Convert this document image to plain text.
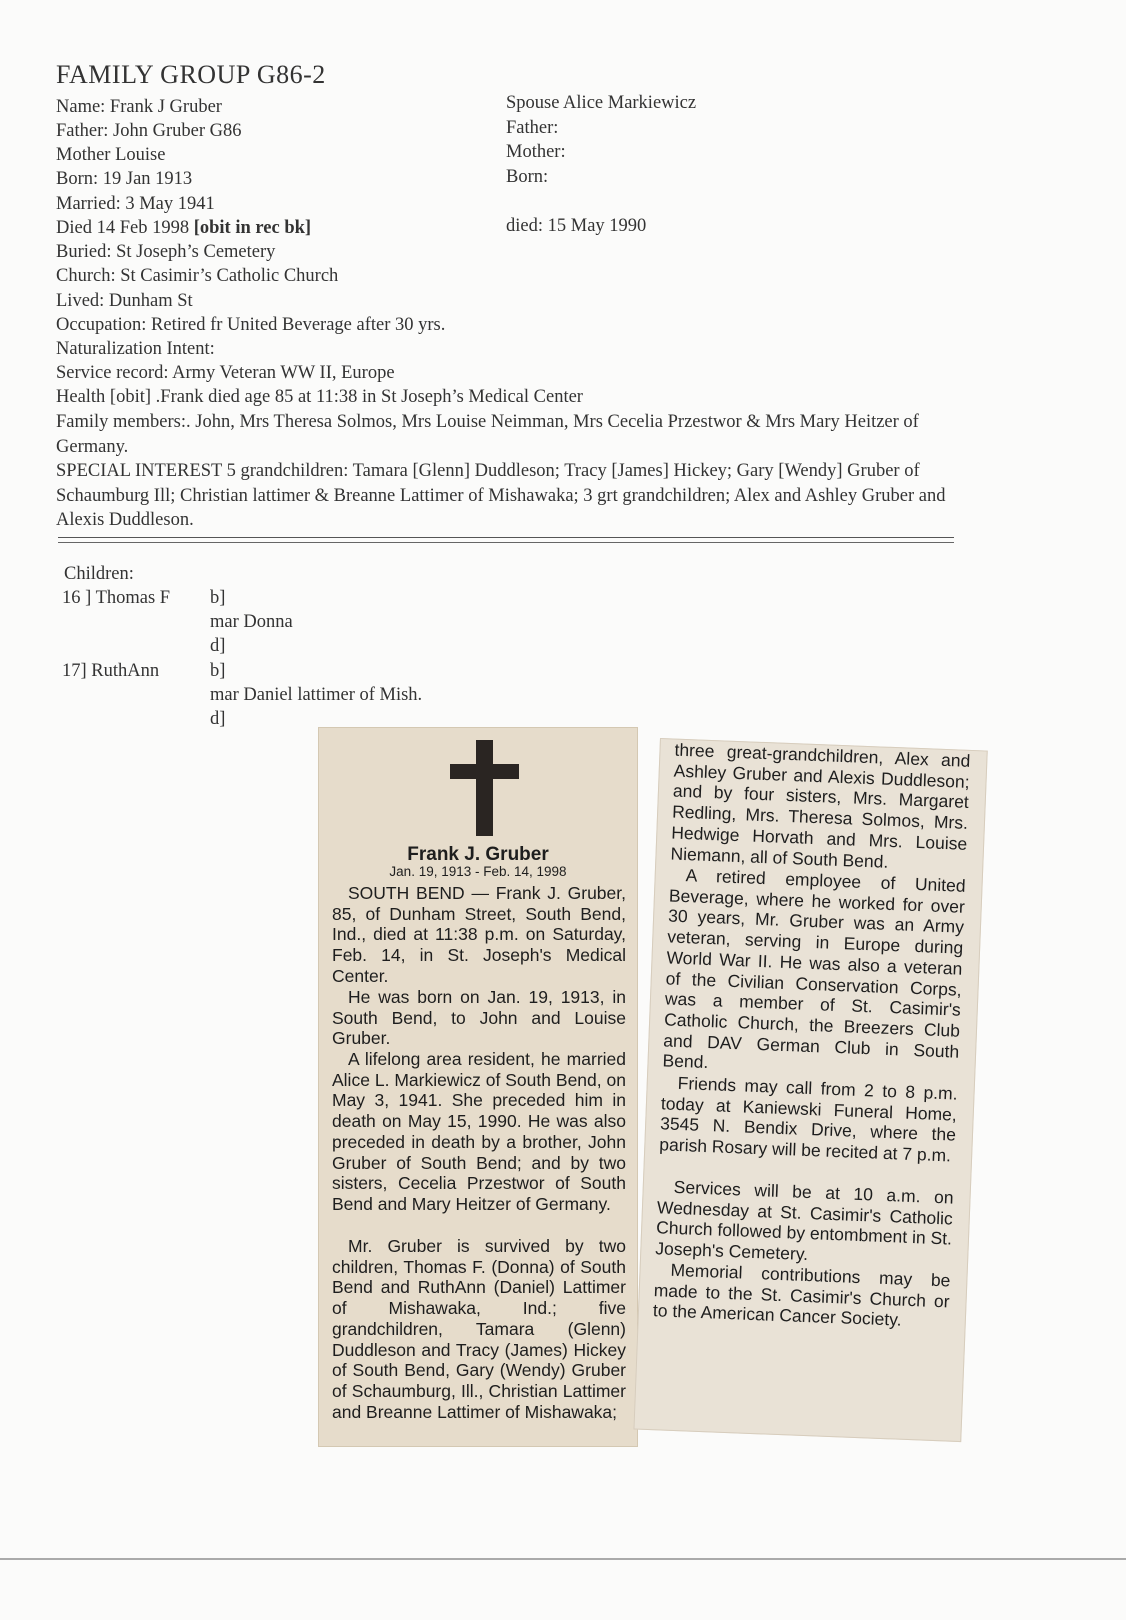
FAMILY GROUP G86-2
Name: Frank J Gruber
Father: John Gruber G86
Mother Louise
Born: 19 Jan 1913
Married: 3 May 1941
Died 14 Feb 1998 [obit in rec bk]
Buried: St Joseph’s Cemetery
Church: St Casimir’s Catholic Church
Lived: Dunham St
Occupation: Retired fr United Beverage after 30 yrs.
Naturalization Intent:
Service record: Army Veteran WW II, Europe
Health [obit] .Frank died age 85 at 11:38 in St Joseph’s Medical Center
Family members:. John, Mrs Theresa Solmos, Mrs Louise Neimman, Mrs Cecelia Przestwor & Mrs Mary Heitzer of Germany.
SPECIAL INTEREST 5 grandchildren: Tamara [Glenn] Duddleson; Tracy [James] Hickey; Gary [Wendy] Gruber of Schaumburg Ill; Christian lattimer & Breanne Lattimer of Mishawaka; 3 grt grandchildren; Alex and Ashley Gruber and Alexis Duddleson.
Spouse Alice Markiewicz
Father:
Mother:
Born:
died: 15 May 1990
Children:
16 ] Thomas F b]
mar Donna
d]
17] RuthAnn	b]
mar Daniel lattimer of Mish.
d]
Frank J. Gruber
Jan. 19, 1913 - Feb. 14, 1998
SOUTH BEND — Frank J. Gruber, 85, of Dunham Street, South Bend, Ind., died at 11:38 p.m. on Saturday, Feb. 14, in St. Joseph's Medical Center.
He was born on Jan. 19, 1913, in South Bend, to John and Louise Gruber.
A lifelong area resident, he married Alice L. Markiewicz of South Bend, on May 3, 1941. She preceded him in death on May 15, 1990. He was also preceded in death by a brother, John Gruber of South Bend; and by two sisters, Cecelia Przestwor of South Bend and Mary Heitzer of Germany.
Mr. Gruber is survived by two children, Thomas F. (Donna) of South Bend and RuthAnn (Daniel) Lattimer of Mishawaka, Ind.; five grandchildren, Tamara (Glenn) Duddleson and Tracy (James) Hickey of South Bend, Gary (Wendy) Gruber of Schaumburg, Ill., Christian Lattimer and Breanne Lattimer of Mishawaka;
three great-grandchildren, Alex and Ashley Gruber and Alexis Duddleson; and by four sisters, Mrs. Margaret Redling, Mrs. Theresa Solmos, Mrs. Hedwige Horvath and Mrs. Louise Niemann, all of South Bend.
A retired employee of United Beverage, where he worked for over 30 years, Mr. Gruber was an Army veteran, serving in Europe during World War II. He was also a veteran of the Civilian Conservation Corps, was a member of St. Casimir's Catholic Church, the Breezers Club and DAV German Club in South Bend.
Friends may call from 2 to 8 p.m. today at Kaniewski Funeral Home, 3545 N. Bendix Drive, where the parish Rosary will be recited at 7 p.m.
Services will be at 10 a.m. on Wednesday at St. Casimir's Catholic Church followed by entombment in St. Joseph's Cemetery.
Memorial contributions may be made to the St. Casimir's Church or to the American Cancer Society.
